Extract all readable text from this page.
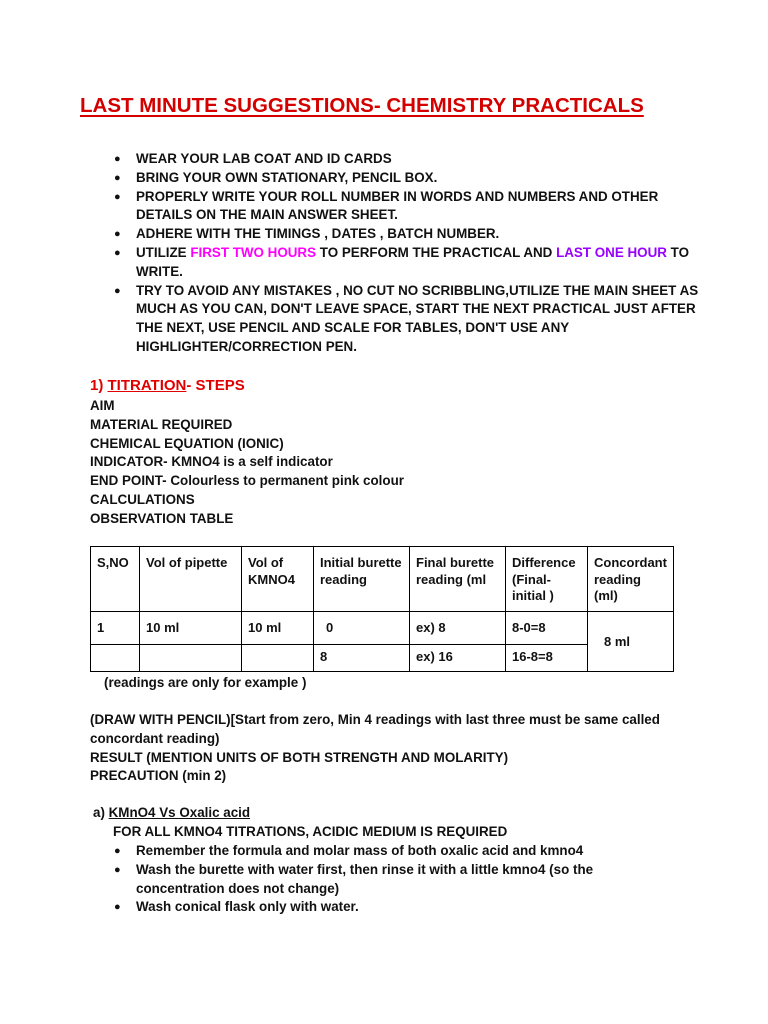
LAST MINUTE SUGGESTIONS- CHEMISTRY PRACTICALS
● WEAR YOUR LAB COAT AND ID CARDS
● BRING YOUR OWN STATIONARY, PENCIL BOX.
● PROPERLY WRITE YOUR ROLL NUMBER IN WORDS AND NUMBERS AND OTHER DETAILS ON THE MAIN ANSWER SHEET.
● ADHERE WITH THE TIMINGS , DATES , BATCH NUMBER.
● UTILIZE FIRST TWO HOURS TO PERFORM THE PRACTICAL AND LAST ONE HOUR TO WRITE.
● TRY TO AVOID ANY MISTAKES , NO CUT NO SCRIBBLING,UTILIZE THE MAIN SHEET AS MUCH AS YOU CAN, DON'T LEAVE SPACE, START THE NEXT PRACTICAL JUST AFTER THE NEXT, USE PENCIL AND SCALE FOR TABLES, DON'T USE ANY HIGHLIGHTER/CORRECTION PEN.
1) TITRATION- STEPS
AIM
MATERIAL REQUIRED
CHEMICAL EQUATION (IONIC)
INDICATOR- KMNO4 is a self indicator
END POINT- Colourless to permanent pink colour
CALCULATIONS
OBSERVATION TABLE
S,NO	Vol of pipette	Vol of KMNO4	Initial burette reading	Final burette reading (ml	Difference (Final-initial )	Concordant reading (ml)
1	10 ml	10 ml	0	ex) 8	8-0=8	8 ml
			8	ex) 16	16-8=8	
(readings are only for example )
(DRAW WITH PENCIL)[Start from zero, Min 4 readings with last three must be same called concordant reading)
RESULT (MENTION UNITS OF BOTH STRENGTH AND MOLARITY)
PRECAUTION (min 2)
a) KMnO4 Vs Oxalic acid
FOR ALL KMNO4 TITRATIONS, ACIDIC MEDIUM IS REQUIRED
● Remember the formula and molar mass of both oxalic acid and kmno4
● Wash the burette with water first, then rinse it with a little kmno4 (so the concentration does not change)
● Wash conical flask only with water.
